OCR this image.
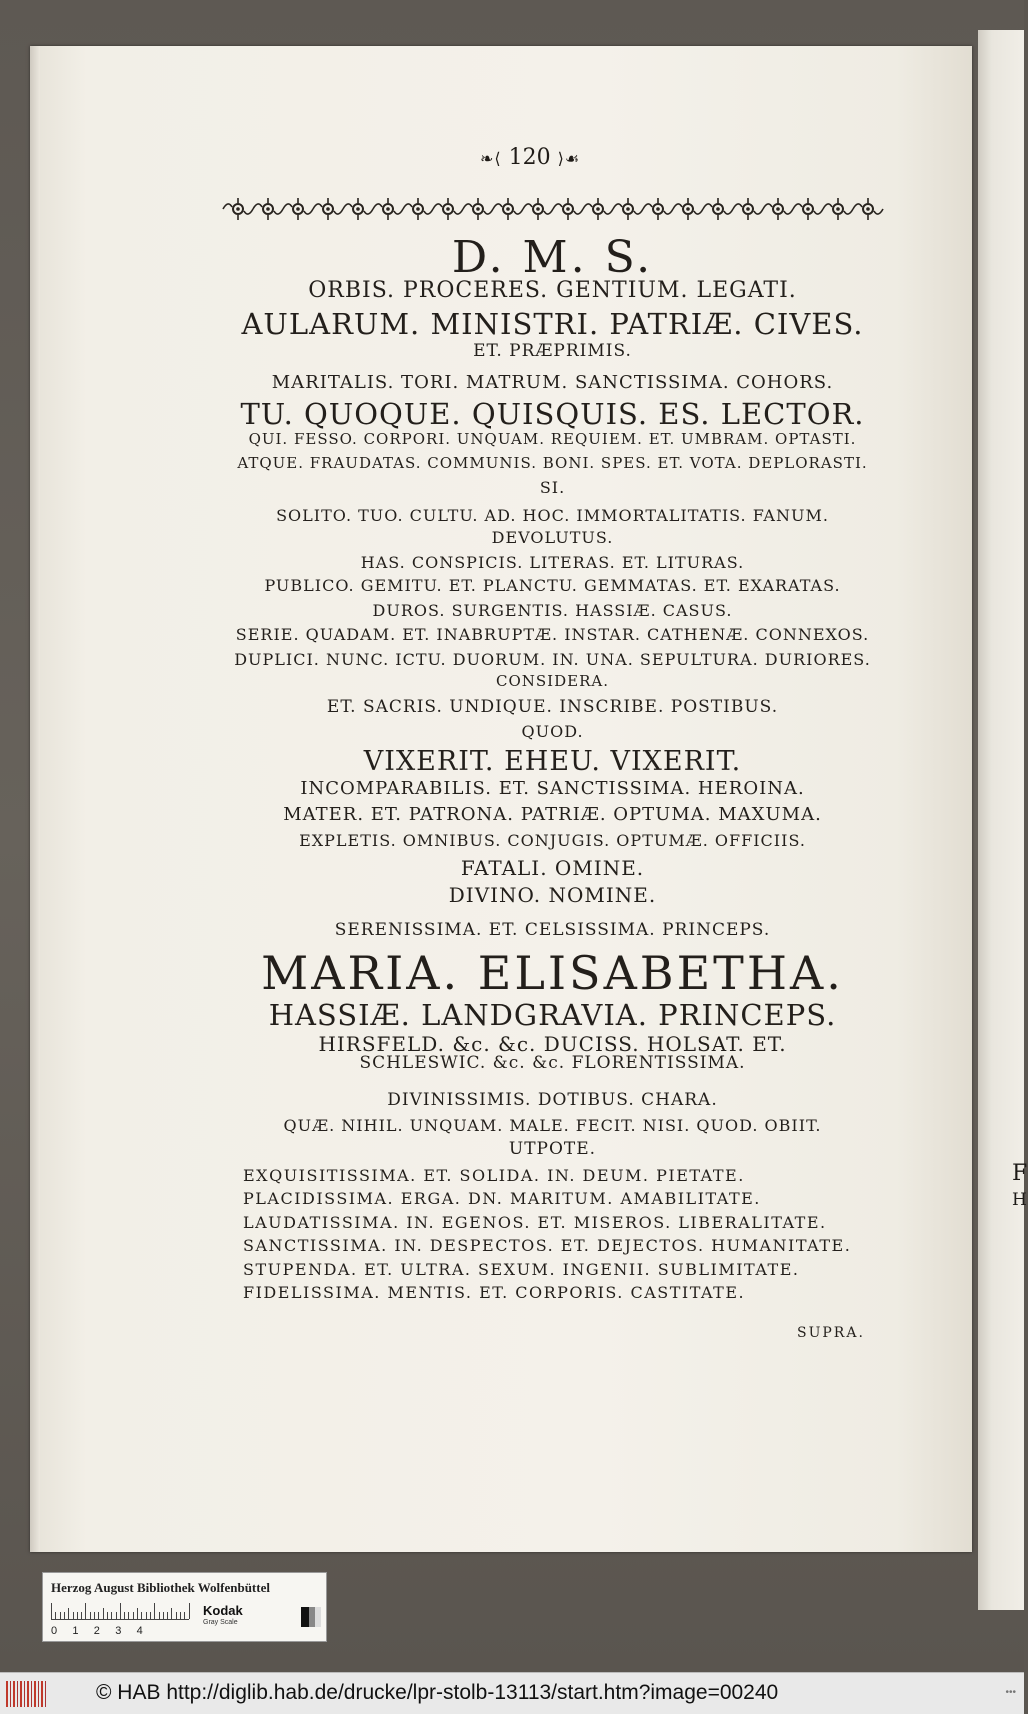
F
H
❧⟨ 120 ⟩☙
D. M. S.
ORBIS. PROCERES. GENTIUM. LEGATI.
AULARUM. MINISTRI. PATRIÆ. CIVES.
ET. PRÆPRIMIS.
MARITALIS. TORI. MATRUM. SANCTISSIMA. COHORS.
TU. QUOQUE. QUISQUIS. ES. LECTOR.
QUI. FESSO. CORPORI. UNQUAM. REQUIEM. ET. UMBRAM. OPTASTI.
ATQUE. FRAUDATAS. COMMUNIS. BONI. SPES. ET. VOTA. DEPLORASTI.
SI.
SOLITO. TUO. CULTU. AD. HOC. IMMORTALITATIS. FANUM.
DEVOLUTUS.
HAS. CONSPICIS. LITERAS. ET. LITURAS.
PUBLICO. GEMITU. ET. PLANCTU. GEMMATAS. ET. EXARATAS.
DUROS. SURGENTIS. HASSIÆ. CASUS.
SERIE. QUADAM. ET. INABRUPTÆ. INSTAR. CATHENÆ. CONNEXOS.
DUPLICI. NUNC. ICTU. DUORUM. IN. UNA. SEPULTURA. DURIORES.
CONSIDERA.
ET. SACRIS. UNDIQUE. INSCRIBE. POSTIBUS.
QUOD.
VIXERIT. EHEU. VIXERIT.
INCOMPARABILIS. ET. SANCTISSIMA. HEROINA.
MATER. ET. PATRONA. PATRIÆ. OPTUMA. MAXUMA.
EXPLETIS. OMNIBUS. CONJUGIS. OPTUMÆ. OFFICIIS.
FATALI. OMINE.
DIVINO. NOMINE.
SERENISSIMA. ET. CELSISSIMA. PRINCEPS.
MARIA. ELISABETHA.
HASSIÆ. LANDGRAVIA. PRINCEPS.
HIRSFELD. &c. &c. DUCISS. HOLSAT. ET.
SCHLESWIC. &c. &c. FLORENTISSIMA.
DIVINISSIMIS. DOTIBUS. CHARA.
QUÆ. NIHIL. UNQUAM. MALE. FECIT. NISI. QUOD. OBIIT.
UTPOTE.
EXQUISITISSIMA. ET. SOLIDA. IN. DEUM. PIETATE.
PLACIDISSIMA. ERGA. DN. MARITUM. AMABILITATE.
LAUDATISSIMA. IN. EGENOS. ET. MISEROS. LIBERALITATE.
SANCTISSIMA. IN. DESPECTOS. ET. DEJECTOS. HUMANITATE.
STUPENDA. ET. ULTRA. SEXUM. INGENII. SUBLIMITATE.
FIDELISSIMA. MENTIS. ET. CORPORIS. CASTITATE.
SUPRA.
Herzog August Bibliothek Wolfenbüttel
0     1     2     3     4
Kodak
Gray Scale
© HAB http://diglib.hab.de/drucke/lpr-stolb-13113/start.htm?image=00240	•••
